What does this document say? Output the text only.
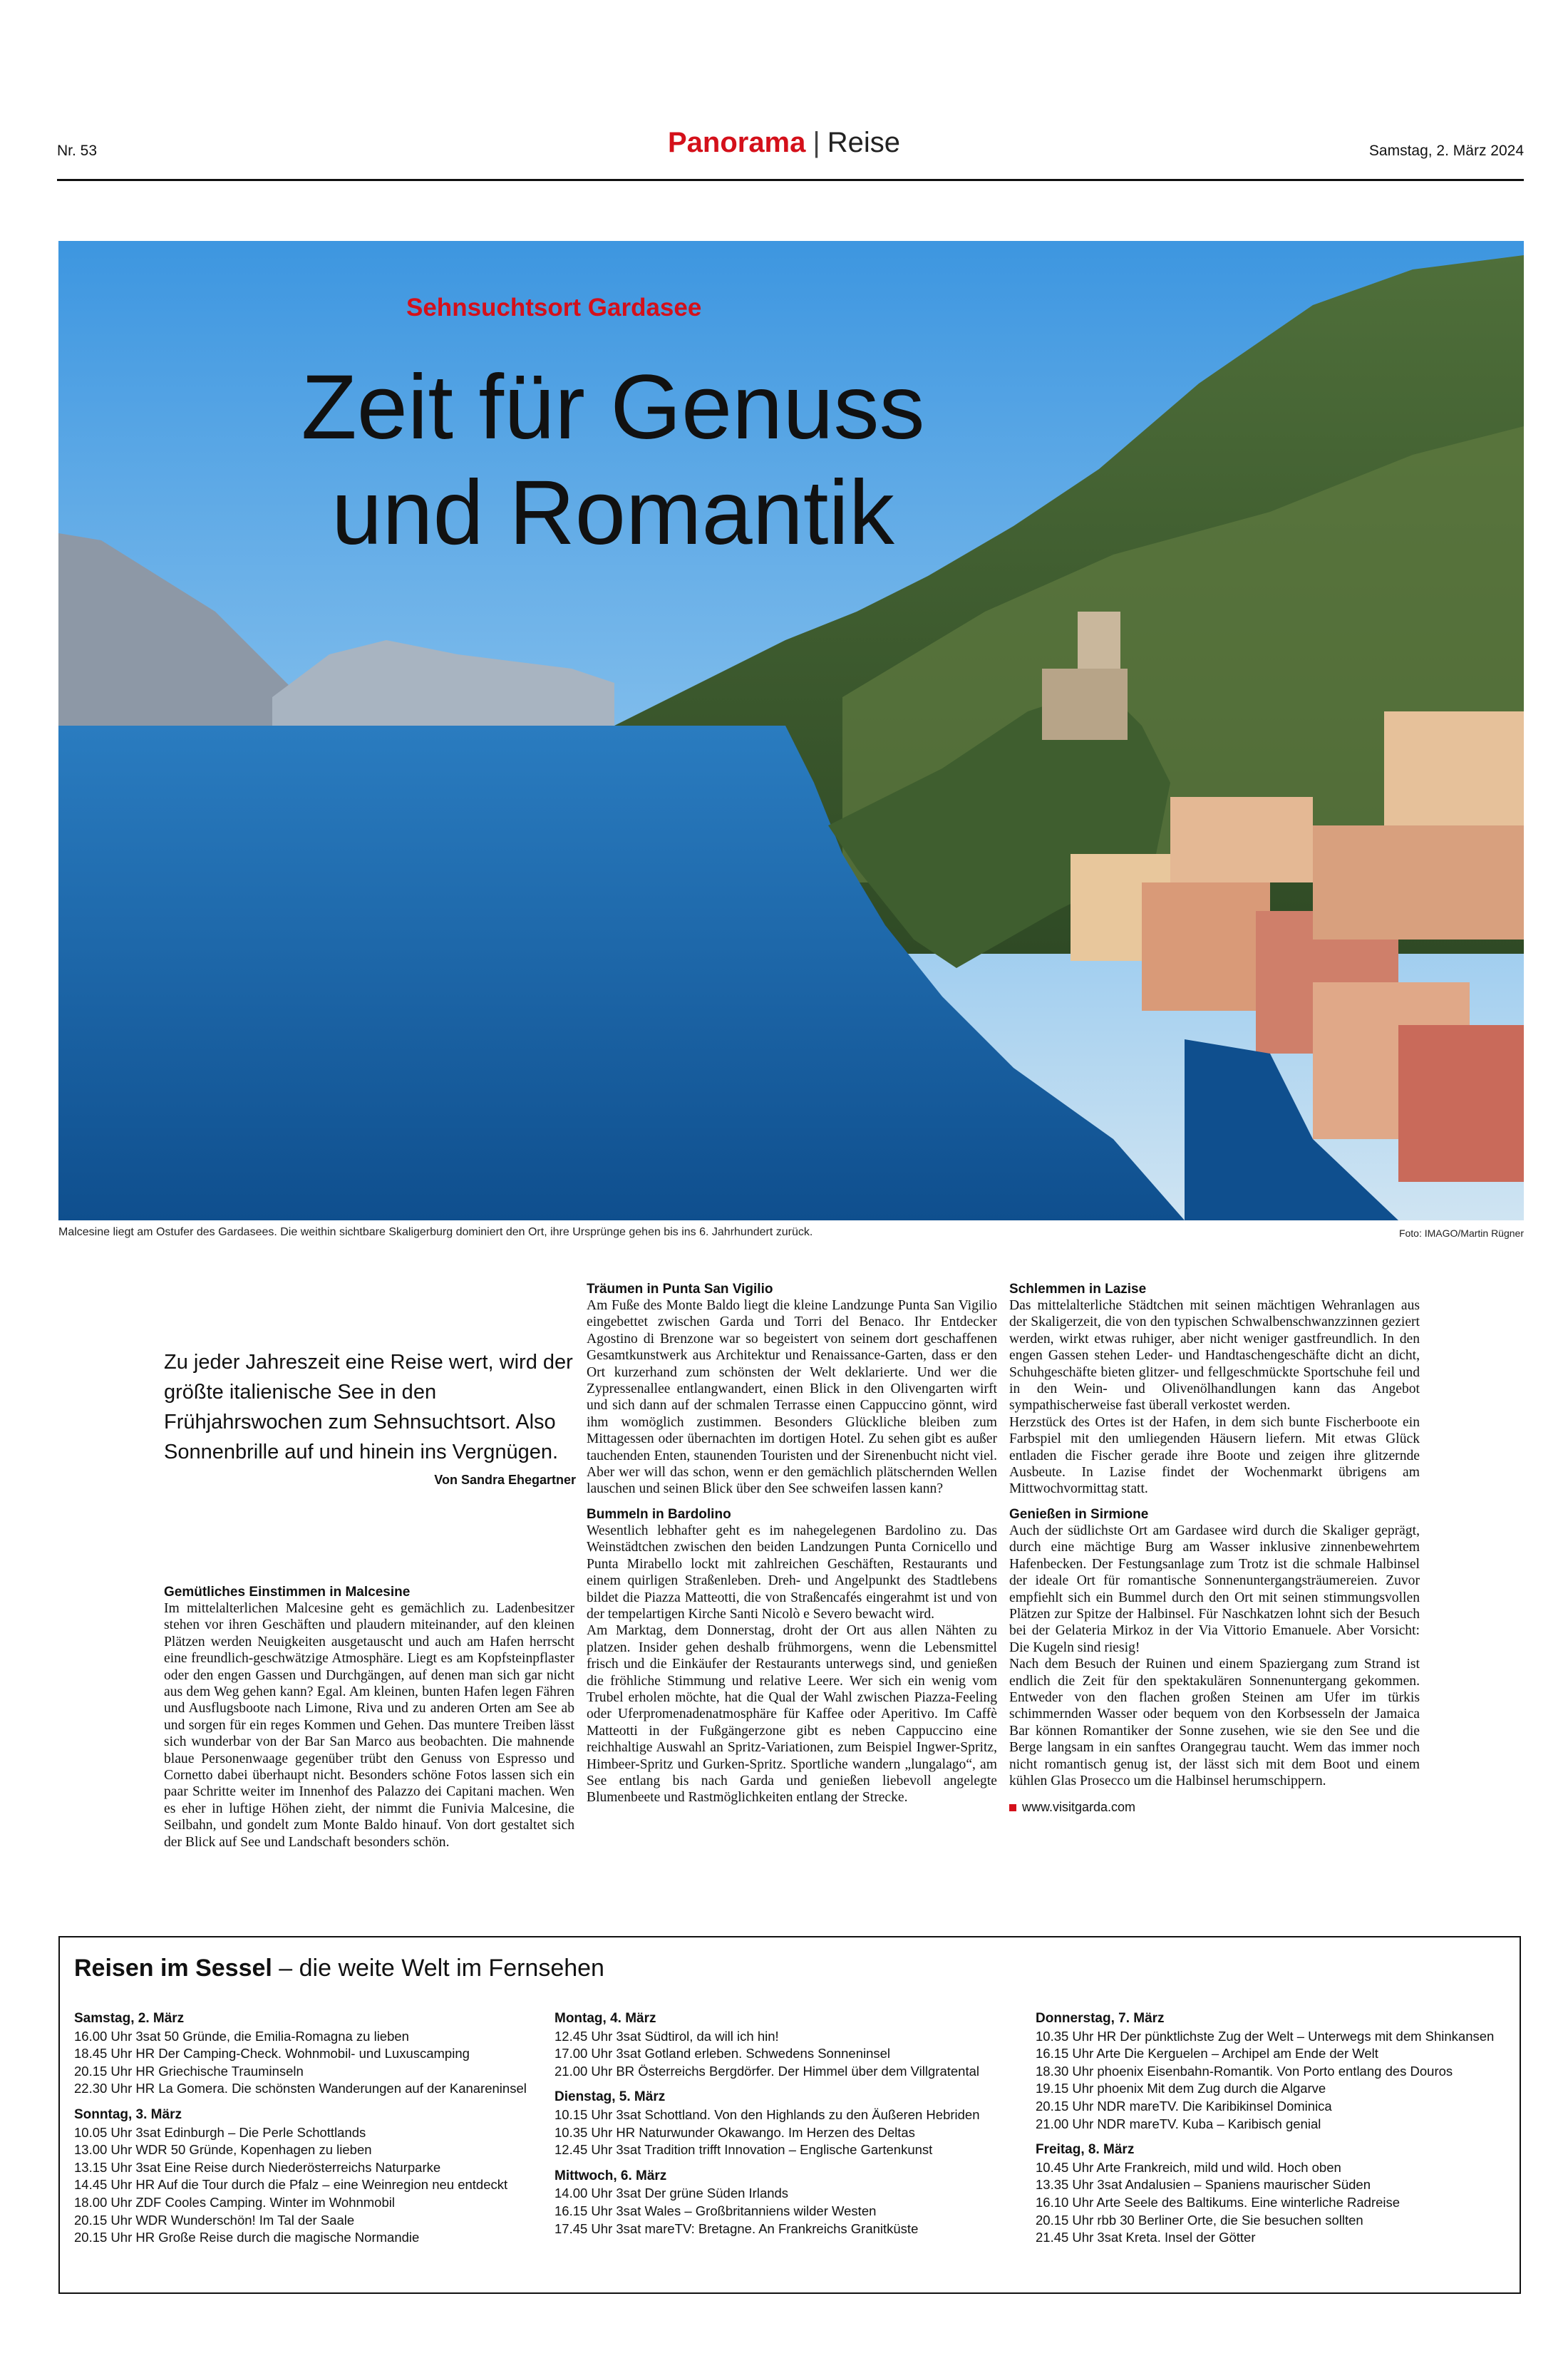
Nr. 53	Panorama | Reise	Samstag, 2. März 2024
Sehnsuchtsort Gardasee
Zeit für Genuss
und Romantik
Malcesine liegt am Ostufer des Gardasees. Die weithin sichtbare Skaligerburg dominiert den Ort, ihre Ursprünge gehen bis ins 6. Jahrhundert zurück.	Foto: IMAGO/Martin Rügner
Zu jeder Jahreszeit eine Reise wert, wird der größte italienische See in den Frühjahrswochen zum Sehnsuchtsort. Also Sonnenbrille auf und hinein ins Vergnügen.
Von Sandra Ehegartner
Gemütliches Einstimmen in Malcesine

Im mittelalterlichen Malcesine geht es gemächlich zu. Ladenbesitzer stehen vor ihren Geschäften und plaudern miteinander, auf den kleinen Plätzen werden Neuigkeiten ausgetauscht und auch am Hafen herrscht eine freundlich-geschwätzige Atmosphäre. Liegt es am Kopfsteinpflaster oder den engen Gassen und Durchgängen, auf denen man sich gar nicht aus dem Weg gehen kann? Egal. Am kleinen, bunten Hafen legen Fähren und Ausflugsboote nach Limone, Riva und zu anderen Orten am See ab und sorgen für ein reges Kommen und Gehen. Das muntere Treiben lässt sich wunderbar von der Bar San Marco aus beobachten. Die mahnende blaue Personenwaage gegenüber trübt den Genuss von Espresso und Cornetto dabei überhaupt nicht. Besonders schöne Fotos lassen sich ein paar Schritte weiter im Innenhof des Palazzo dei Capitani machen. Wen es eher in luftige Höhen zieht, der nimmt die Funivia Malcesine, die Seilbahn, und gondelt zum Monte Baldo hinauf. Von dort gestaltet sich der Blick auf See und Landschaft besonders schön.

Träumen in Punta San Vigilio

Am Fuße des Monte Baldo liegt die kleine Landzunge Punta San Vigilio eingebettet zwischen Garda und Torri del Benaco. Ihr Entdecker Agostino di Brenzone war so begeistert von seinem dort geschaffenen Gesamtkunstwerk aus Architektur und Renaissance-Garten, dass er den Ort kurzerhand zum schönsten der Welt deklarierte. Und wer die Zypressenallee entlangwandert, einen Blick in den Olivengarten wirft und sich dann auf der schmalen Terrasse einen Cappuccino gönnt, wird ihm womöglich zustimmen. Besonders Glückliche bleiben zum Mittagessen oder übernachten im dortigen Hotel. Zu sehen gibt es außer tauchenden Enten, staunenden Touristen und der Sirenenbucht nicht viel. Aber wer will das schon, wenn er den gemächlich plätschernden Wellen lauschen und seinen Blick über den See schweifen lassen kann?

Bummeln in Bardolino

Wesentlich lebhafter geht es im nahegelegenen Bardolino zu. Das Weinstädtchen zwischen den beiden Landzungen Punta Cornicello und Punta Mirabello lockt mit zahlreichen Geschäften, Restaurants und einem quirligen Straßenleben. Dreh- und Angelpunkt des Stadtlebens bildet die Piazza Matteotti, die von Straßencafés eingerahmt ist und von der tempelartigen Kirche Santi Nicolò e Severo bewacht wird.

Am Marktag, dem Donnerstag, droht der Ort aus allen Nähten zu platzen. Insider gehen deshalb frühmorgens, wenn die Lebensmittel frisch und die Einkäufer der Restaurants unterwegs sind, und genießen die fröhliche Stimmung und relative Leere. Wer sich ein wenig vom Trubel erholen möchte, hat die Qual der Wahl zwischen Piazza-Feeling oder Uferpromenadenatmosphäre für Kaffee oder Aperitivo. Im Caffè Matteotti in der Fußgängerzone gibt es neben Cappuccino eine reichhaltige Auswahl an Spritz-Variationen, zum Beispiel Ingwer-Spritz, Himbeer-Spritz und Gurken-Spritz. Sportliche wandern „lungalago“, am See entlang bis nach Garda und genießen liebevoll angelegte Blumenbeete und Rastmöglichkeiten entlang der Strecke.

Schlemmen in Lazise

Das mittelalterliche Städtchen mit seinen mächtigen Wehranlagen aus der Skaligerzeit, die von den typischen Schwalbenschwanzzinnen geziert werden, wirkt etwas ruhiger, aber nicht weniger gastfreundlich. In den engen Gassen stehen Leder- und Handtaschengeschäfte dicht an dicht, Schuhgeschäfte bieten glitzer- und fellgeschmückte Sportschuhe feil und in den Wein- und Olivenölhandlungen kann das Angebot sympathischerweise fast überall verkostet werden.

Herzstück des Ortes ist der Hafen, in dem sich bunte Fischerboote ein Farbspiel mit den umliegenden Häusern liefern. Mit etwas Glück entladen die Fischer gerade ihre Boote und zeigen ihre glitzernde Ausbeute. In Lazise findet der Wochenmarkt übrigens am Mittwochvormittag statt.

Genießen in Sirmione

Auch der südlichste Ort am Gardasee wird durch die Skaliger geprägt, durch eine mächtige Burg am Wasser inklusive zinnenbewehrtem Hafenbecken. Der Festungsanlage zum Trotz ist die schmale Halbinsel der ideale Ort für romantische Sonnenuntergangsträumereien. Zuvor empfiehlt sich ein Bummel durch den Ort mit seinen stimmungsvollen Plätzen zur Spitze der Halbinsel. Für Naschkatzen lohnt sich der Besuch bei der Gelateria Mirkoz in der Via Vittorio Emanuele. Aber Vorsicht: Die Kugeln sind riesig!

Nach dem Besuch der Ruinen und einem Spaziergang zum Strand ist endlich die Zeit für den spektakulären Sonnenuntergang gekommen. Entweder von den flachen großen Steinen am Ufer im türkis schimmernden Wasser oder bequem von den Korbsesseln der Jamaica Bar können Romantiker der Sonne zusehen, wie sie den See und die Berge langsam in ein sanftes Orangegrau taucht. Wem das immer noch nicht romantisch genug ist, der lässt sich mit dem Boot und einem kühlen Glas Prosecco um die Halbinsel herumschippern.

www.visitgarda.com
Reisen im Sessel – die weite Welt im Fernsehen
Samstag, 2. März
16.00 Uhr 3sat 50 Gründe, die Emilia-Romagna zu lieben
18.45 Uhr HR Der Camping-Check. Wohnmobil- und Luxuscamping
20.15 Uhr HR Griechische Trauminseln
22.30 Uhr HR La Gomera. Die schönsten Wanderungen auf der Kanareninsel
Sonntag, 3. März
10.05 Uhr 3sat Edinburgh – Die Perle Schottlands
13.00 Uhr WDR 50 Gründe, Kopenhagen zu lieben
13.15 Uhr 3sat Eine Reise durch Niederösterreichs Naturparke
14.45 Uhr HR Auf die Tour durch die Pfalz – eine Weinregion neu entdeckt
18.00 Uhr ZDF Cooles Camping. Winter im Wohnmobil
20.15 Uhr WDR Wunderschön! Im Tal der Saale
20.15 Uhr HR Große Reise durch die magische Normandie
Montag, 4. März
12.45 Uhr 3sat Südtirol, da will ich hin!
17.00 Uhr 3sat Gotland erleben. Schwedens Sonneninsel
21.00 Uhr BR Österreichs Bergdörfer. Der Himmel über dem Villgratental
Dienstag, 5. März
10.15 Uhr 3sat Schottland. Von den Highlands zu den Äußeren Hebriden
10.35 Uhr HR Naturwunder Okawango. Im Herzen des Deltas
12.45 Uhr 3sat Tradition trifft Innovation – Englische Gartenkunst
Mittwoch, 6. März
14.00 Uhr 3sat Der grüne Süden Irlands
16.15 Uhr 3sat Wales – Großbritanniens wilder Westen
17.45 Uhr 3sat mareTV: Bretagne. An Frankreichs Granitküste
Donnerstag, 7. März
10.35 Uhr HR Der pünktlichste Zug der Welt – Unterwegs mit dem Shinkansen
16.15 Uhr Arte Die Kerguelen – Archipel am Ende der Welt
18.30 Uhr phoenix Eisenbahn-Romantik. Von Porto entlang des Douros
19.15 Uhr phoenix Mit dem Zug durch die Algarve
20.15 Uhr NDR mareTV. Die Karibikinsel Dominica
21.00 Uhr NDR mareTV. Kuba – Karibisch genial
Freitag, 8. März
10.45 Uhr Arte Frankreich, mild und wild. Hoch oben
13.35 Uhr 3sat Andalusien – Spaniens maurischer Süden
16.10 Uhr Arte Seele des Baltikums. Eine winterliche Radreise
20.15 Uhr rbb 30 Berliner Orte, die Sie besuchen sollten
21.45 Uhr 3sat Kreta. Insel der Götter
